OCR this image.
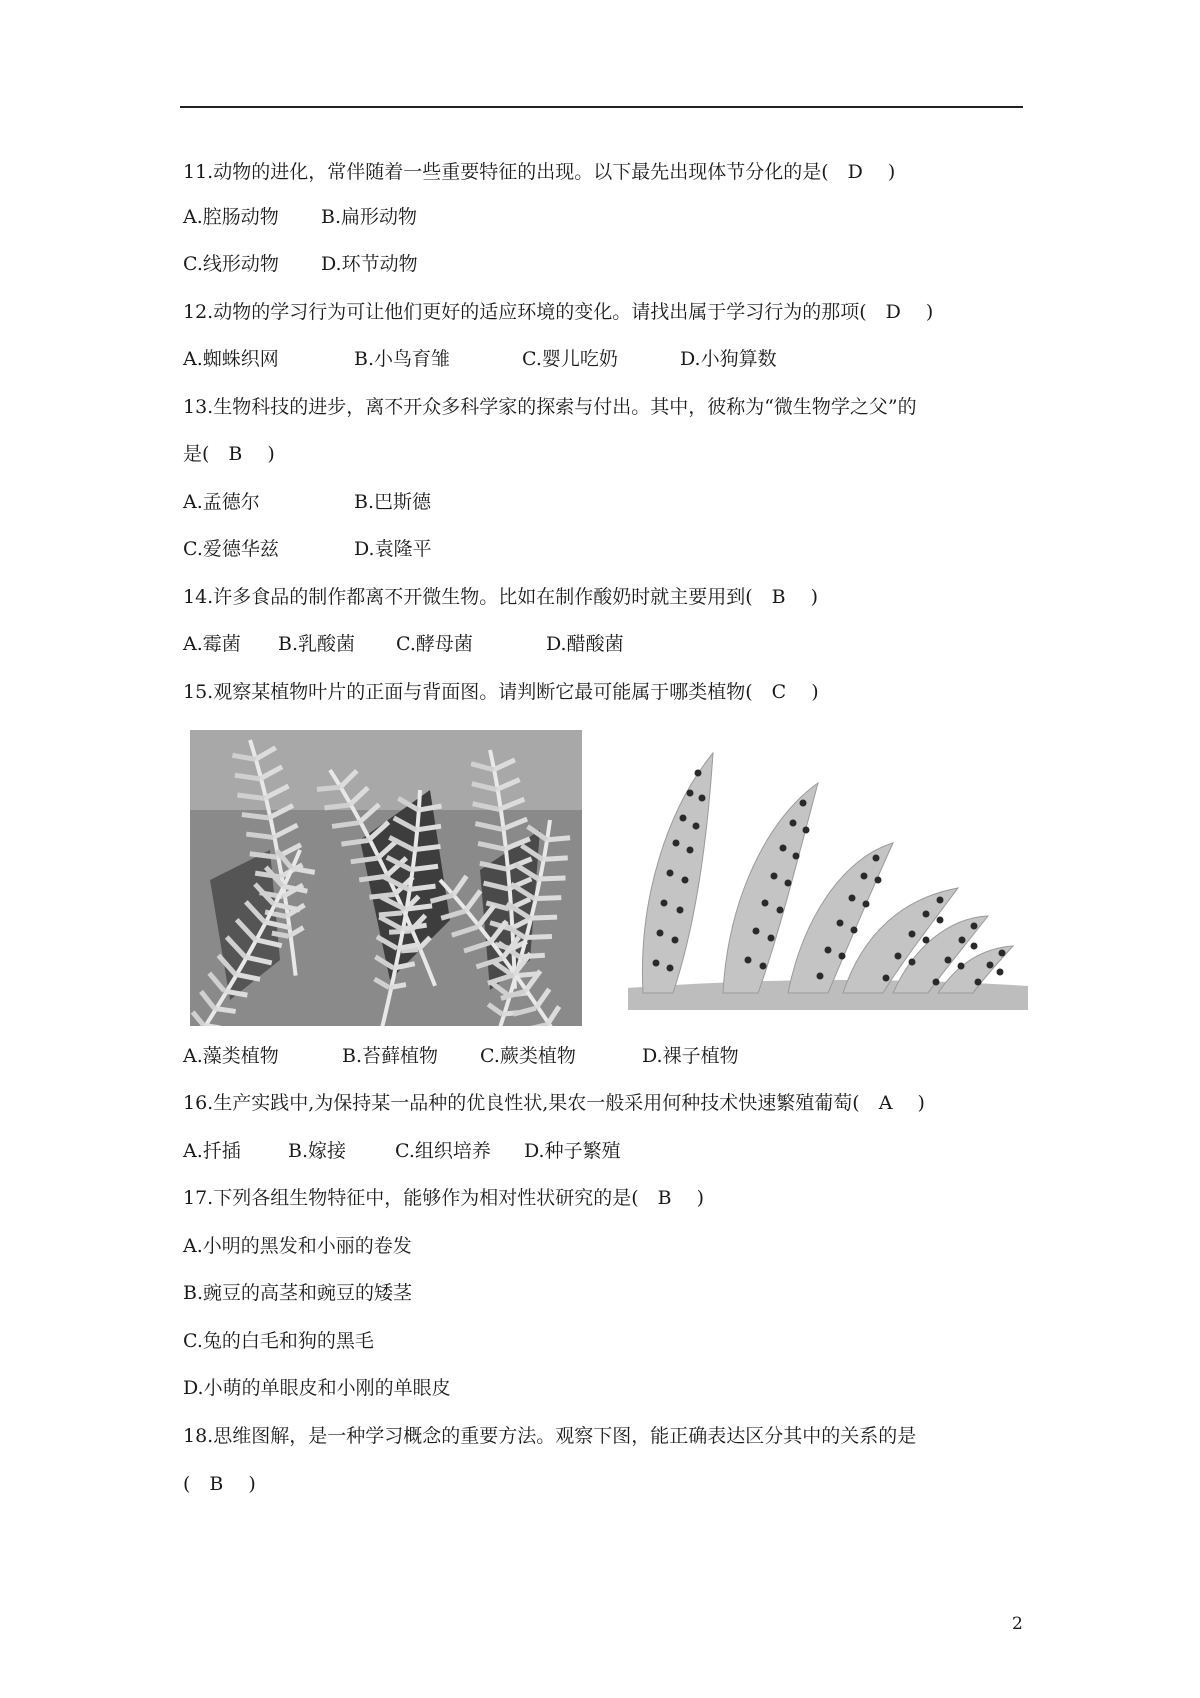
11.动物的进化，常伴随着一些重要特征的出现。以下最先出现体节分化的是(　D　 )
A.腔肠动物 B.扁形动物
C.线形动物 D.环节动物
12.动物的学习行为可让他们更好的适应环境的变化。请找出属于学习行为的那项(　D　 )
A.蜘蛛织网	B.小鸟育雏	C.婴儿吃奶	D.小狗算数
13.生物科技的进步，离不开众多科学家的探索与付出。其中，彼称为“微生物学之父”的
是(　B　 )
A.孟德尔	B.巴斯德
C.爱德华兹	D.袁隆平
14.许多食品的制作都离不开微生物。比如在制作酸奶时就主要用到(　B　 )
A.霉菌 B.乳酸菌 C.酵母菌	D.醋酸菌
15.观察某植物叶片的正面与背面图。请判断它最可能属于哪类植物(　C　 )
A.藻类植物	B.苔藓植物 C.蕨类植物	D.裸子植物
16.生产实践中,为保持某一品种的优良性状,果农一般采用何种技术快速繁殖葡萄(　A　 )
A.扦插 B.嫁接	C.组织培养 D.种子繁殖
17.下列各组生物特征中，能够作为相对性状研究的是(　B　 )
A.小明的黑发和小丽的卷发
B.豌豆的高茎和豌豆的矮茎
C.兔的白毛和狗的黑毛
D.小萌的单眼皮和小刚的单眼皮
18.思维图解，是一种学习概念的重要方法。观察下图，能正确表达区分其中的关系的是
(　B　 )
2
